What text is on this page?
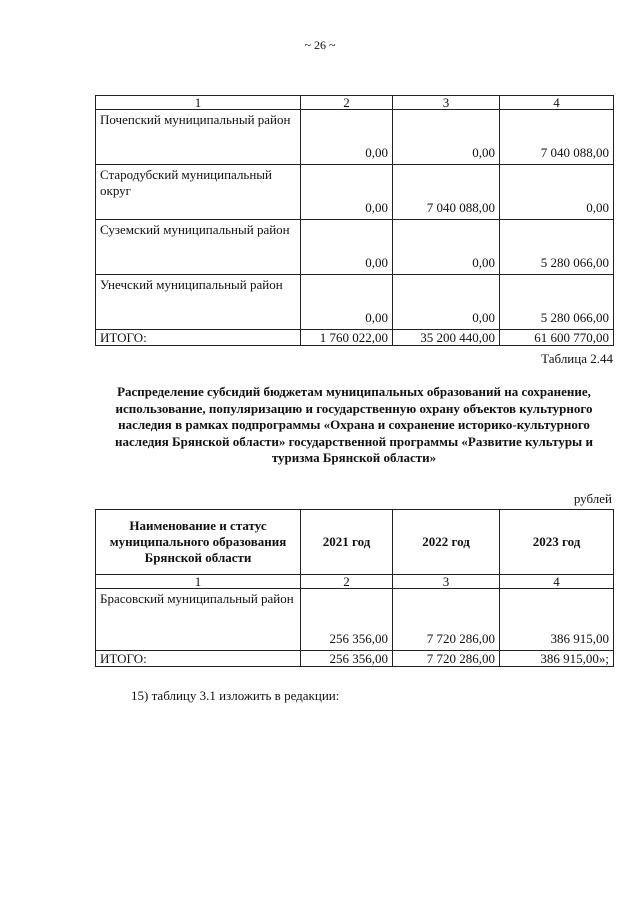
~ 26 ~
1	2	3	4
Почепский муниципальный район	0,00	0,00	7 040 088,00
Стародубский муниципальный округ	0,00	7 040 088,00	0,00
Суземский муниципальный район	0,00	0,00	5 280 066,00
Унечский муниципальный район	0,00	0,00	5 280 066,00
ИТОГО:	1 760 022,00	35 200 440,00	61 600 770,00
Таблица 2.44
Распределение субсидий бюджетам муниципальных образований на сохранение, использование, популяризацию и государственную охрану объектов культурного наследия в рамках подпрограммы «Охрана и сохранение историко-культурного наследия Брянской области» государственной программы «Развитие культуры и туризма Брянской области»
рублей
Наименование и статус муниципального образования Брянской области	2021 год	2022 год	2023 год
1	2	3	4
Брасовский муниципальный район	256 356,00	7 720 286,00	386 915,00
ИТОГО:	256 356,00	7 720 286,00	386 915,00»;
15) таблицу 3.1 изложить в редакции:
